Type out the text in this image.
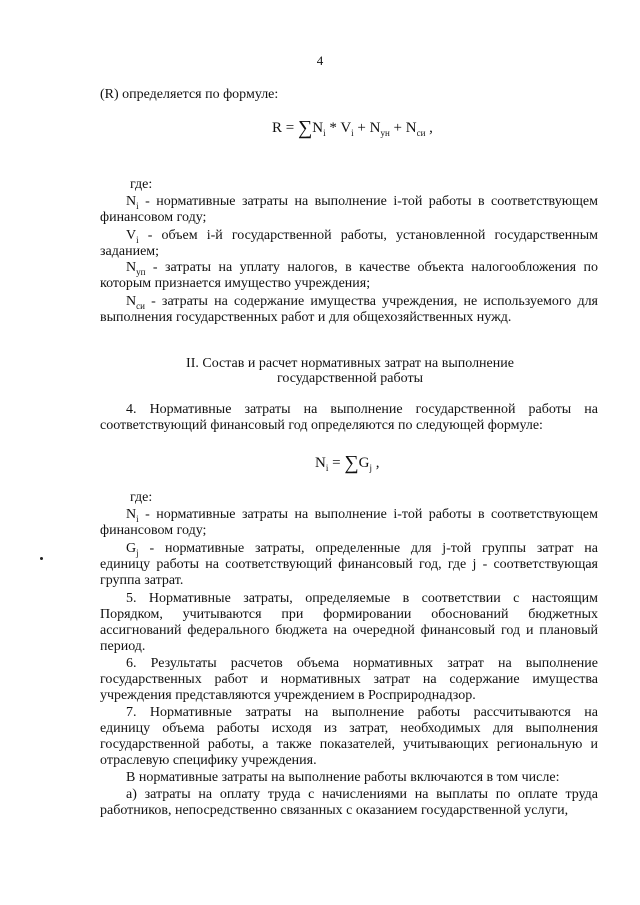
4
(R) определяется по формуле:
$R = \sum N_i * V_i + N_{ун} + N_{си}$ ,
где:
$N_i$ - нормативные затраты на выполнение i-той работы в соответствующем
финансовом году;
$V_i$ - объем i-й государственной работы, установленной государственным
заданием;
$N_{уп}$ - затраты на уплату налогов, в качестве объекта налогообложения по
которым признается имущество учреждения;
$N_{си}$ - затраты на содержание имущества учреждения, не используемого для
выполнения государственных работ и для общехозяйственных нужд.
II. Состав и расчет нормативных затрат на выполнение
государственной работы
4. Нормативные затраты на выполнение государственной работы на
соответствующий финансовый год определяются по следующей формуле:
$N_i = \sum G_j$ ,
где:
$N_i$ - нормативные затраты на выполнение i-той работы в соответствующем
финансовом году;
$G_j$ - нормативные затраты, определенные для j-той группы затрат на
единицу работы на соответствующий финансовый год, где j - соответствующая
группа затрат.
5. Нормативные затраты, определяемые в соответствии с настоящим
Порядком, учитываются при формировании обоснований бюджетных
ассигнований федерального бюджета на очередной финансовый год и плановый
период.
6. Результаты расчетов объема нормативных затрат на выполнение
государственных работ и нормативных затрат на содержание имущества
учреждения представляются учреждением в Росприроднадзор.
7. Нормативные затраты на выполнение работы рассчитываются на
единицу объема работы исходя из затрат, необходимых для выполнения
государственной работы, а также показателей, учитывающих региональную и
отраслевую специфику учреждения.
В нормативные затраты на выполнение работы включаются в том числе:
а) затраты на оплату труда с начислениями на выплаты по оплате труда
работников, непосредственно связанных с оказанием государственной услуги,
